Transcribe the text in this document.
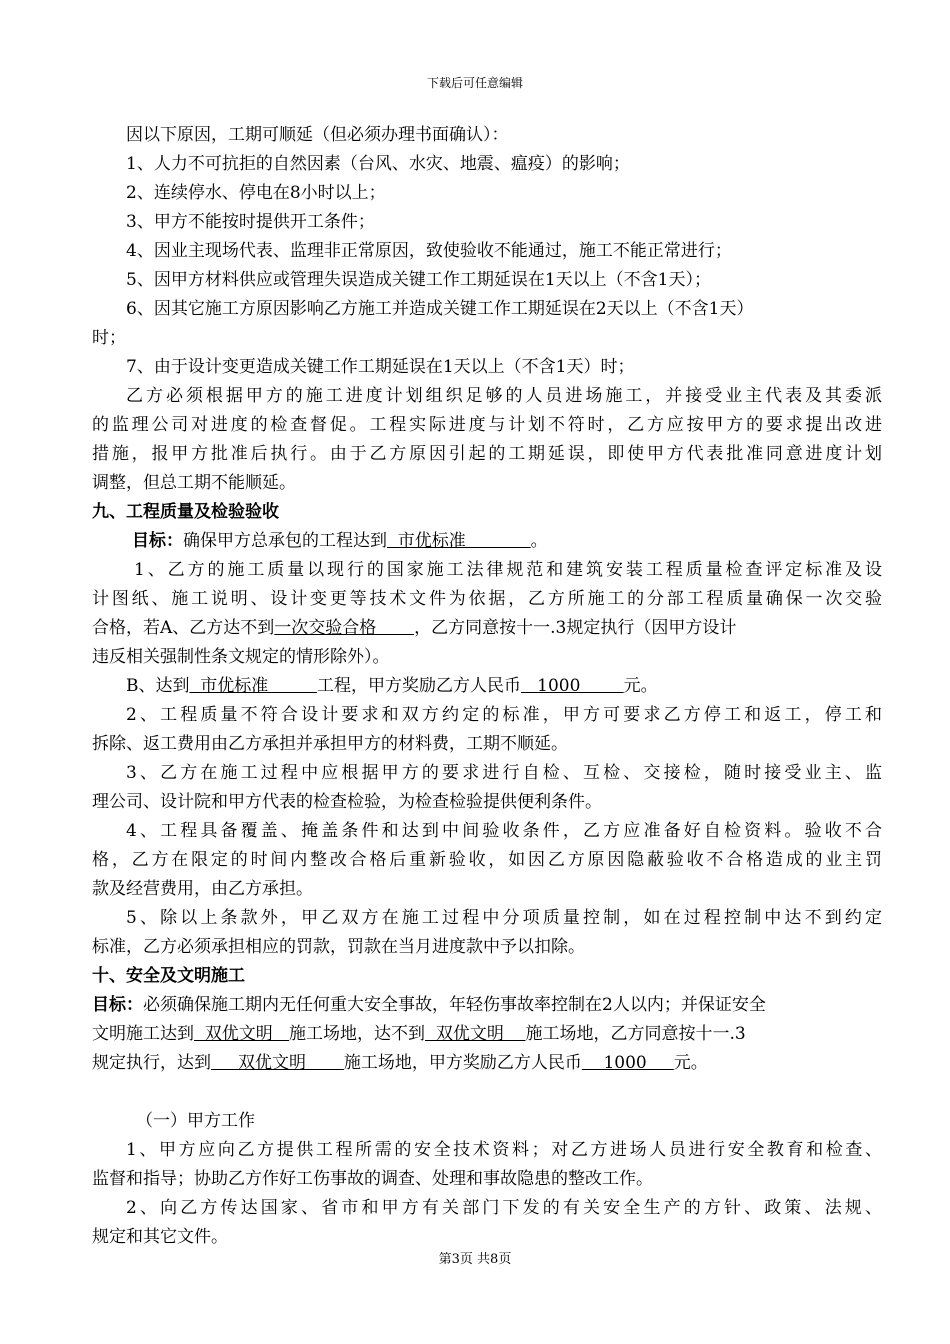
下载后可任意编辑
因以下原因，工期可顺延（但必须办理书面确认）：
1、人力不可抗拒的自然因素（台风、水灾、地震、瘟疫）的影响；
2、连续停水、停电在8小时以上；
3、甲方不能按时提供开工条件；
4、因业主现场代表、监理非正常原因，致使验收不能通过，施工不能正常进行；
5、因甲方材料供应或管理失误造成关键工作工期延误在1天以上（不含1天）；
6、因其它施工方原因影响乙方施工并造成关键工作工期延误在2天以上（不含1天）
时；
7、由于设计变更造成关键工作工期延误在1天以上（不含1天）时；
乙方必须根据甲方的施工进度计划组织足够的人员进场施工，并接受业主代表及其委派
的监理公司对进度的检查督促。工程实际进度与计划不符时，乙方应按甲方的要求提出改进
措施，报甲方批准后执行。由于乙方原因引起的工期延误，即使甲方代表批准同意进度计划
调整，但总工期不能顺延。
九、工程质量及检验验收
目标：确保甲方总承包的工程达到  市优标准            。
1、乙方的施工质量以现行的国家施工法律规范和建筑安装工程质量检查评定标准及设
计图纸、施工说明、设计变更等技术文件为依据，乙方所施工的分部工程质量确保一次交验
合格，若A、乙方达不到一次交验合格       ，乙方同意按十一.3规定执行（因甲方设计
违反相关强制性条文规定的情形除外）。
B、达到  市优标准         工程，甲方奖励乙方人民币   1000        元。
2、工程质量不符合设计要求和双方约定的标准，甲方可要求乙方停工和返工，停工和
拆除、返工费用由乙方承担并承担甲方的材料费，工期不顺延。
3、乙方在施工过程中应根据甲方的要求进行自检、互检、交接检，随时接受业主、监
理公司、设计院和甲方代表的检查检验，为检查检验提供便利条件。
4、工程具备覆盖、掩盖条件和达到中间验收条件，乙方应准备好自检资料。验收不合
格，乙方在限定的时间内整改合格后重新验收，如因乙方原因隐蔽验收不合格造成的业主罚
款及经营费用，由乙方承担。
5、除以上条款外，甲乙双方在施工过程中分项质量控制，如在过程控制中达不到约定
标准，乙方必须承担相应的罚款，罚款在当月进度款中予以扣除。
十、安全及文明施工
目标：必须确保施工期内无任何重大安全事故，年轻伤事故率控制在2人以内；并保证安全
文明施工达到  双优文明   施工场地，达不到  双优文明    施工场地，乙方同意按十一.3
规定执行，达到     双优文明       施工场地，甲方奖励乙方人民币    1000     元。
（一）甲方工作
1、甲方应向乙方提供工程所需的安全技术资料；对乙方进场人员进行安全教育和检查、
监督和指导；协助乙方作好工伤事故的调查、处理和事故隐患的整改工作。
2、向乙方传达国家、省市和甲方有关部门下发的有关安全生产的方针、政策、法规、
规定和其它文件。
第3页 共8页
